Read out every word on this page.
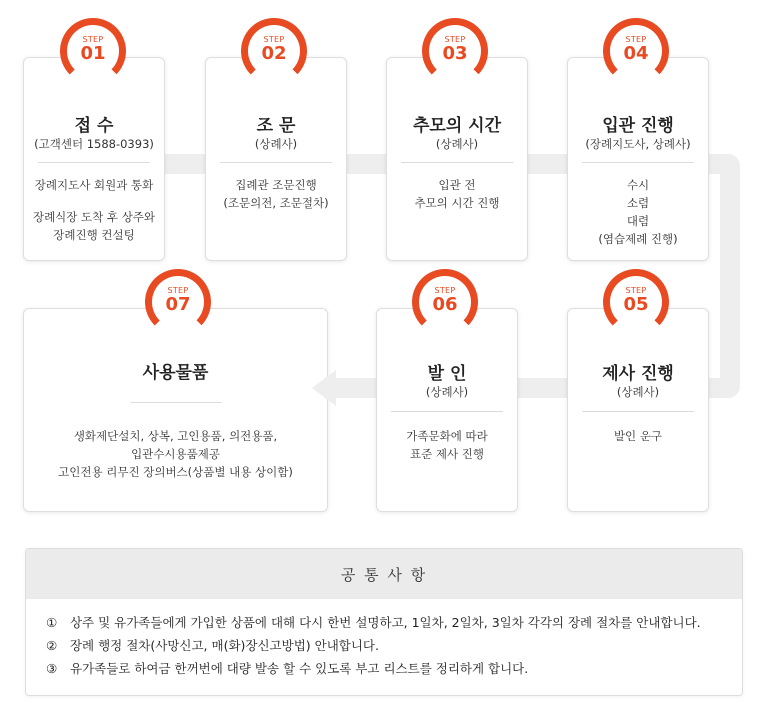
접 수
(고객센터 1588-0393)
장례지도사 회원과 통화
장례식장 도착 후 상주와
장례진행 컨설팅
STEP
01
조 문
(상례사)
집례관 조문진행
(조문의전, 조문절차)
STEP
02
추모의 시간
(상례사)
입관 전
추모의 시간 진행
STEP
03
입관 진행
(장례지도사, 상례사)
수시
소렴
대렴
(염습제례 진행)
STEP
04
사용물품
생화제단설치, 상복, 고인용품, 의전용품,
입관수시용품제공
고인전용 리무진 장의버스(상품별 내용 상이함)
STEP
07
발 인
(상례사)
가족문화에 따라
표준 제사 진행
STEP
06
제사 진행
(상례사)
발인 운구
STEP
05
공 통 사 항
① 상주 및 유가족들에게 가입한 상품에 대해 다시 한번 설명하고, 1일차, 2일차, 3일차 각각의 장례 절차를 안내합니다.
② 장례 행정 절차(사망신고, 매(화)장신고방법) 안내합니다.
③ 유가족들로 하여금 한꺼번에 대량 발송 할 수 있도록 부고 리스트를 정리하게 합니다.
